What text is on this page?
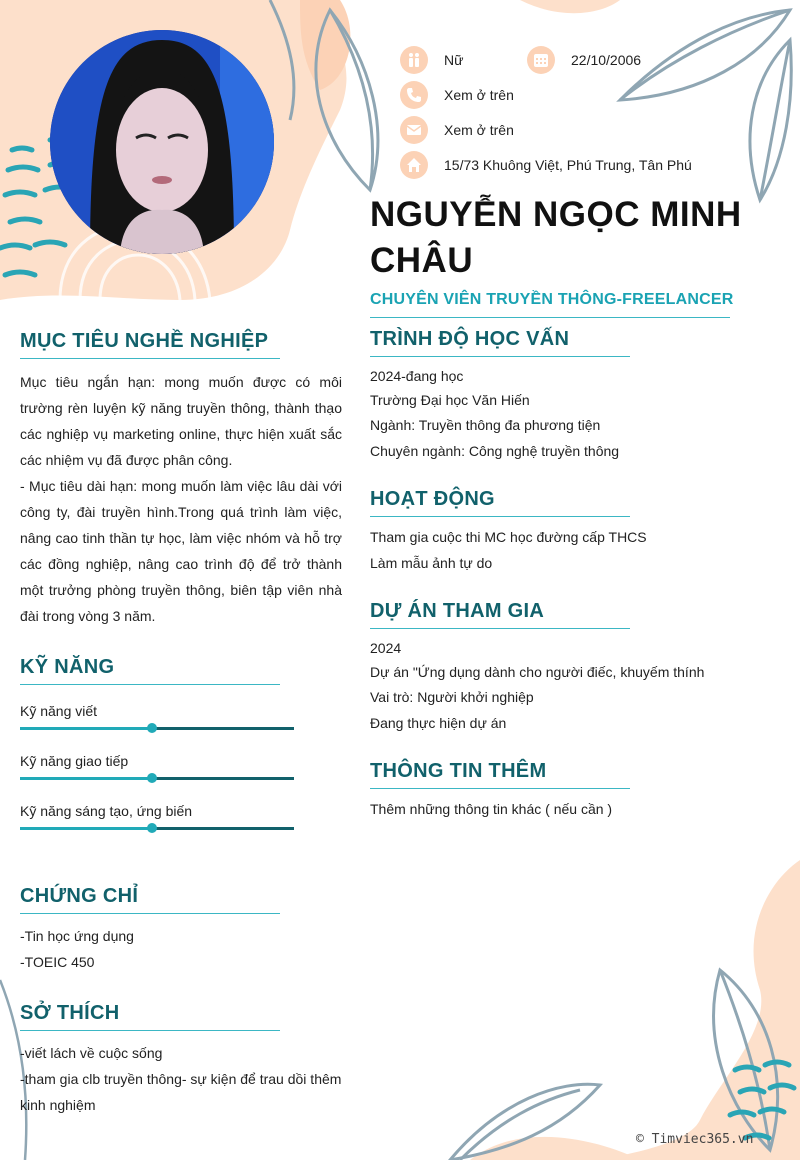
Nữ	22/10/2006
Xem ở trên
Xem ở trên
15/73 Khuông Việt, Phú Trung, Tân Phú
NGUYỄN NGỌC MINH CHÂU
CHUYÊN VIÊN TRUYỀN THÔNG-FREELANCER
MỤC TIÊU NGHỀ NGHIỆP
Mục tiêu ngắn hạn: mong muốn được có môi trường rèn luyện kỹ năng truyền thông, thành thạo các nghiệp vụ marketing online, thực hiện xuất sắc các nhiệm vụ đã được phân công.
- Mục tiêu dài hạn: mong muốn làm việc lâu dài với công ty, đài truyền hình.Trong quá trình làm việc, nâng cao tinh thần tự học, làm việc nhóm và hỗ trợ các đồng nghiệp, nâng cao trình độ để trở thành một trưởng phòng truyền thông, biên tập viên nhà đài trong vòng 3 năm.
KỸ NĂNG
Kỹ năng viết
Kỹ năng giao tiếp
Kỹ năng sáng tạo, ứng biến
CHỨNG CHỈ
-Tin học ứng dụng
-TOEIC 450
SỞ THÍCH
-viết lách về cuộc sống
-tham gia clb truyền thông- sự kiện để trau dồi thêm kinh nghiệm
TRÌNH ĐỘ HỌC VẤN
2024-đang học
Trường Đại học Văn Hiến
Ngành: Truyền thông đa phương tiện
Chuyên ngành: Công nghệ truyền thông
HOẠT ĐỘNG
Tham gia cuộc thi MC học đường cấp THCS
Làm mẫu ảnh tự do
DỰ ÁN THAM GIA
2024
Dự án "Ứng dụng dành cho người điếc, khuyếm thính
Vai trò: Người khởi nghiệp
Đang thực hiện dự án
THÔNG TIN THÊM
Thêm những thông tin khác ( nếu cần )
© Timviec365.vn
